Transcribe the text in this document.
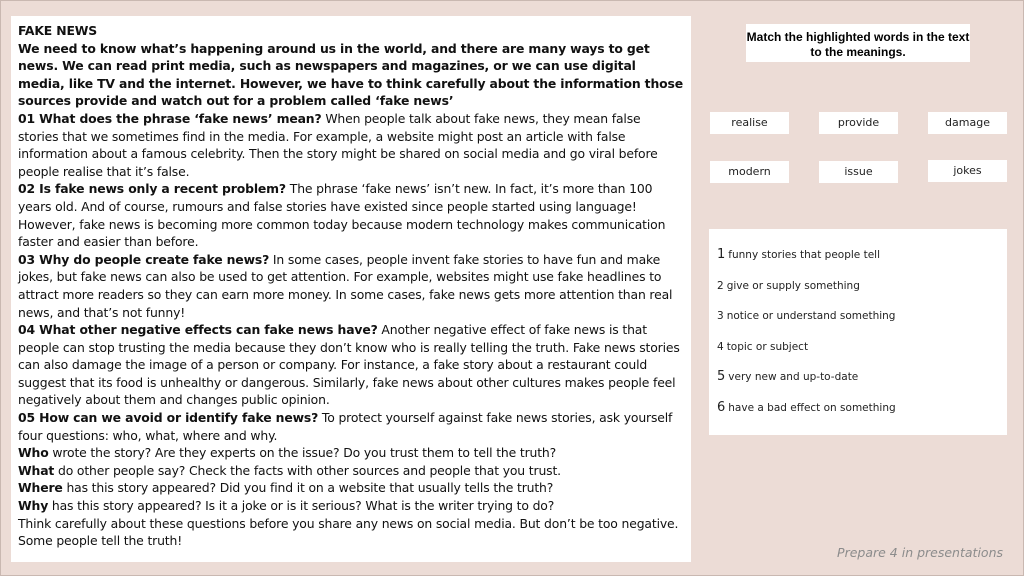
FAKE NEWS

We need to know what’s happening around us in the world, and there are many ways to get news. We can read print media, such as newspapers and magazines, or we can use digital media, like TV and the internet. However, we have to think carefully about the information those sources provide and watch out for a problem called ‘fake news’

01 What does the phrase ‘fake news’ mean? When people talk about fake news, they mean false stories that we sometimes find in the media. For example, a website might post an article with false information about a famous celebrity. Then the story might be shared on social media and go viral before people realise that it’s false.

02 Is fake news only a recent problem? The phrase ‘fake news’ isn’t new. In fact, it’s more than 100 years old. And of course, rumours and false stories have existed since people started using language! However, fake news is becoming more common today because modern technology makes communication faster and easier than before.

03 Why do people create fake news? In some cases, people invent fake stories to have fun and make jokes, but fake news can also be used to get attention. For example, websites might use fake headlines to attract more readers so they can earn more money. In some cases, fake news gets more attention than real news, and that’s not funny!

04 What other negative effects can fake news have? Another negative effect of fake news is that people can stop trusting the media because they don’t know who is really telling the truth. Fake news stories can also damage the image of a person or company. For instance, a fake story about a restaurant could suggest that its food is unhealthy or dangerous. Similarly, fake news about other cultures makes people feel negatively about them and changes public opinion.

05 How can we avoid or identify fake news? To protect yourself against fake news stories, ask yourself four questions: who, what, where and why.

Who wrote the story? Are they experts on the issue? Do you trust them to tell the truth?

What do other people say? Check the facts with other sources and people that you trust.

Where has this story appeared? Did you find it on a website that usually tells the truth?

Why has this story appeared? Is it a joke or is it serious? What is the writer trying to do?

Think carefully about these questions before you share any news on social media. But don’t be too negative. Some people tell the truth!

Match the highlighted words in the text to the meanings.
realise	provide	damage
modern	issue	jokes
1 funny stories that people tell
2 give or supply something
3 notice or understand something
4 topic or subject
5 very new and up-to-date
6 have a bad effect on something
Prepare 4 in presentations
